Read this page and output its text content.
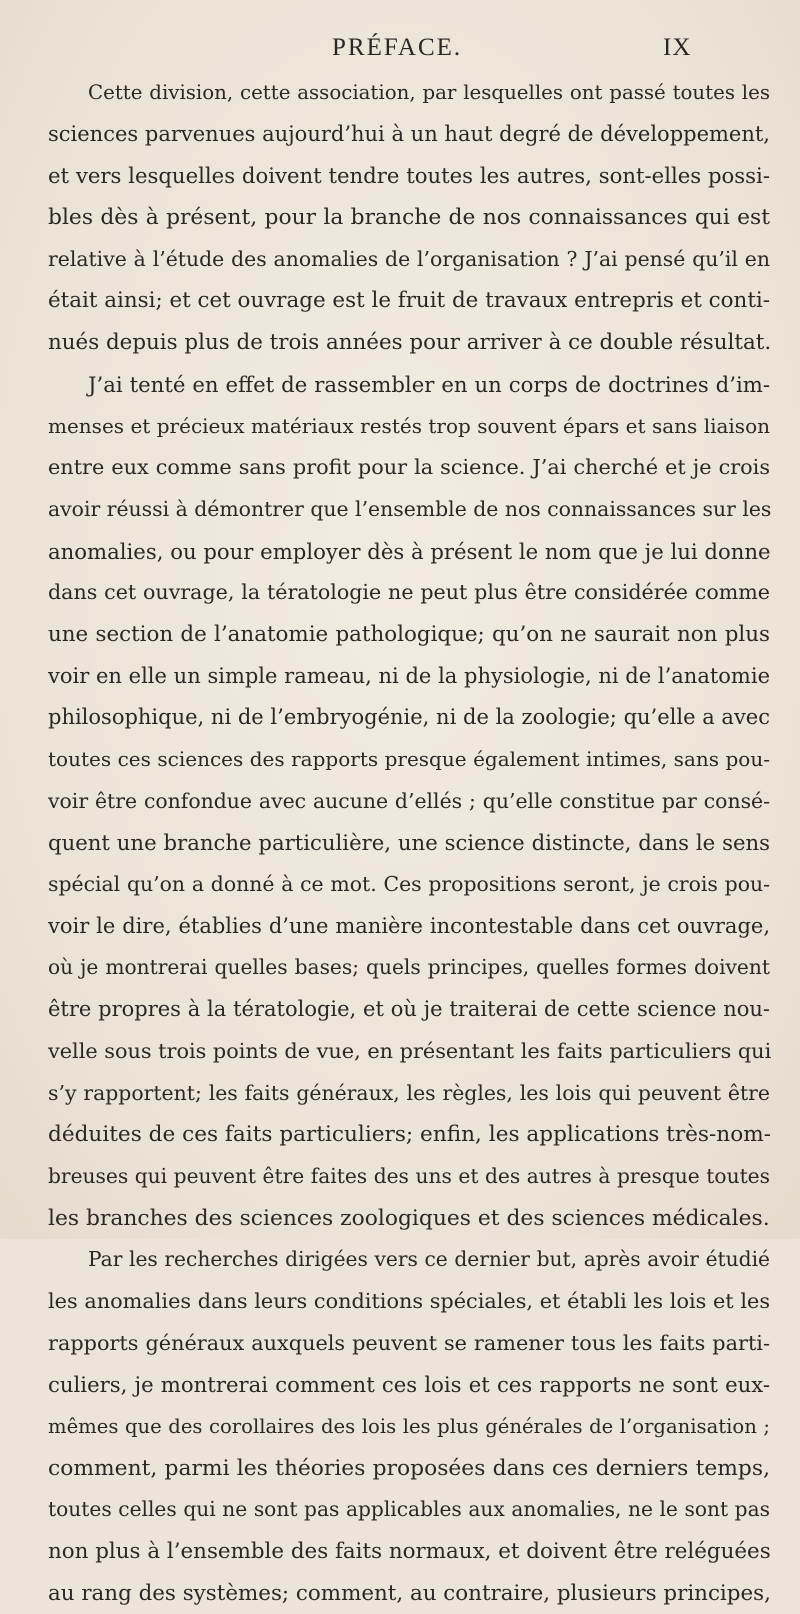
PRÉFACE.	IX
Cette division, cette association, par lesquelles ont passé toutes les
sciences parvenues aujourd’hui à un haut degré de développement,
et vers lesquelles doivent tendre toutes les autres, sont-elles possi-
bles dès à présent, pour la branche de nos connaissances qui est
relative à l’étude des anomalies de l’organisation ? J’ai pensé qu’il en
était ainsi; et cet ouvrage est le fruit de travaux entrepris et conti-
nués depuis plus de trois années pour arriver à ce double résultat.
J’ai tenté en effet de rassembler en un corps de doctrines d’im-
menses et précieux matériaux restés trop souvent épars et sans liaison
entre eux comme sans profit pour la science. J’ai cherché et je crois
avoir réussi à démontrer que l’ensemble de nos connaissances sur les
anomalies, ou pour employer dès à présent le nom que je lui donne
dans cet ouvrage, la tératologie ne peut plus être considérée comme
une section de l’anatomie pathologique; qu’on ne saurait non plus
voir en elle un simple rameau, ni de la physiologie, ni de l’anatomie
philosophique, ni de l’embryogénie, ni de la zoologie; qu’elle a avec
toutes ces sciences des rapports presque également intimes, sans pou-
voir être confondue avec aucune d’ellés ; qu’elle constitue par consé-
quent une branche particulière, une science distincte, dans le sens
spécial qu’on a donné à ce mot. Ces propositions seront, je crois pou-
voir le dire, établies d’une manière incontestable dans cet ouvrage,
où je montrerai quelles bases; quels principes, quelles formes doivent
être propres à la tératologie, et où je traiterai de cette science nou-
velle sous trois points de vue, en présentant les faits particuliers qui
s’y rapportent; les faits généraux, les règles, les lois qui peuvent être
déduites de ces faits particuliers; enfin, les applications très-nom-
breuses qui peuvent être faites des uns et des autres à presque toutes
les branches des sciences zoologiques et des sciences médicales.
Par les recherches dirigées vers ce dernier but, après avoir étudié
les anomalies dans leurs conditions spéciales, et établi les lois et les
rapports généraux auxquels peuvent se ramener tous les faits parti-
culiers, je montrerai comment ces lois et ces rapports ne sont eux-
mêmes que des corollaires des lois les plus générales de l’organisation ;
comment, parmi les théories proposées dans ces derniers temps,
toutes celles qui ne sont pas applicables aux anomalies, ne le sont pas
non plus à l’ensemble des faits normaux, et doivent être reléguées
au rang des systèmes; comment, au contraire, plusieurs principes,
